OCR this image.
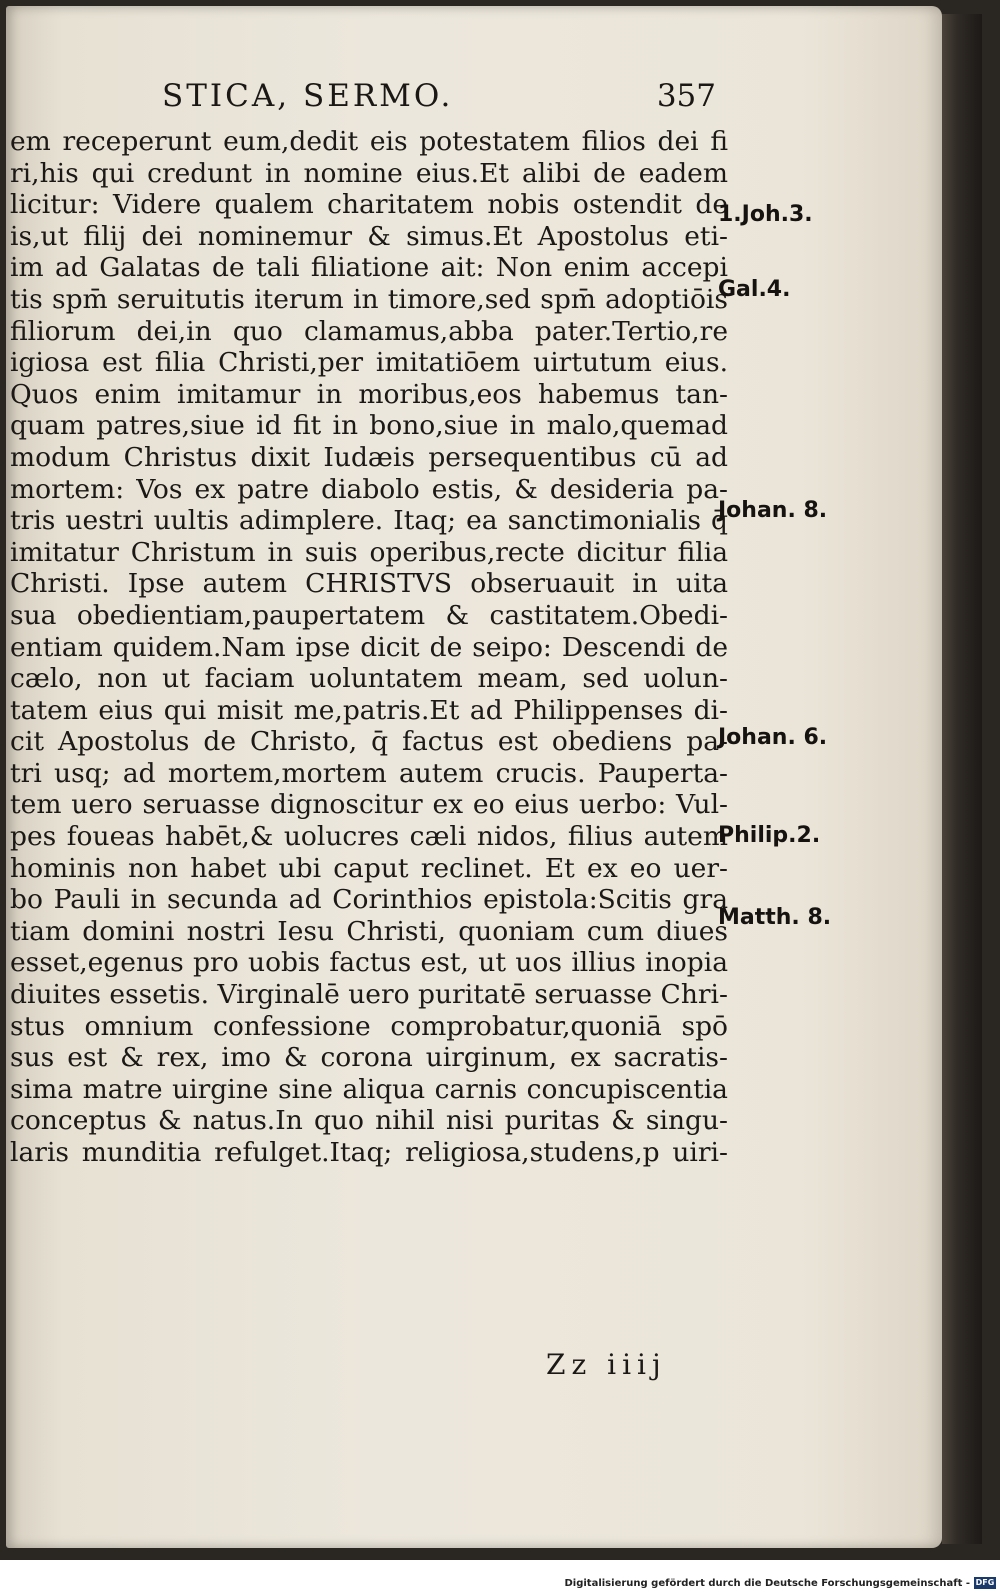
STICA, SERMO.	357
em receperunt eum,dedit eis potestatem filios dei fi
ri,his qui credunt in nomine eius.Et alibi de eadem
licitur: Videre qualem charitatem nobis ostendit de
is,ut filij dei nominemur & simus.Et Apostolus eti-
im ad Galatas de tali filiatione ait: Non enim accepi
tis spm̄ seruitutis iterum in timore,sed spm̄ adoptiōis
filiorum dei,in quo clamamus,abba pater.Tertio,re
igiosa est filia Christi,per imitatiōem uirtutum eius.
Quos enim imitamur in moribus,eos habemus tan-
quam patres,siue id fit in bono,siue in malo,quemad
modum Christus dixit Iudæis persequentibus cū ad
mortem: Vos ex patre diabolo estis, & desideria pa-
tris uestri uultis adimplere. Itaq; ea sanctimonialis q̄
imitatur Christum in suis operibus,recte dicitur filia
Christi. Ipse autem CHRISTVS obseruauit in uita
sua obedientiam,paupertatem & castitatem.Obedi-
entiam quidem.Nam ipse dicit de seipo: Descendi de
cælo, non ut faciam uoluntatem meam, sed uolun-
tatem eius qui misit me,patris.Et ad Philippenses di-
cit Apostolus de Christo, q̄ factus est obediens pa-
tri usq; ad mortem,mortem autem crucis. Pauperta-
tem uero seruasse dignoscitur ex eo eius uerbo: Vul-
pes foueas habēt,& uolucres cæli nidos, filius autem
hominis non habet ubi caput reclinet. Et ex eo uer-
bo Pauli in secunda ad Corinthios epistola:Scitis gra
tiam domini nostri Iesu Christi, quoniam cum diues
esset,egenus pro uobis factus est, ut uos illius inopia
diuites essetis. Virginalē uero puritatē seruasse Chri-
stus omnium confessione comprobatur,quoniā spō
sus est & rex, imo & corona uirginum, ex sacratis-
sima matre uirgine sine aliqua carnis concupiscentia
conceptus & natus.In quo nihil nisi puritas & singu-
laris munditia refulget.Itaq; religiosa,studens,p uiri-
Zz iiij
1.Joh.3.
Gal.4.
Johan. 8.
Johan. 6.
Philip.2.
Matth. 8.
Digitalisierung gefördert durch die Deutsche Forschungsgemeinschaft - DFG
